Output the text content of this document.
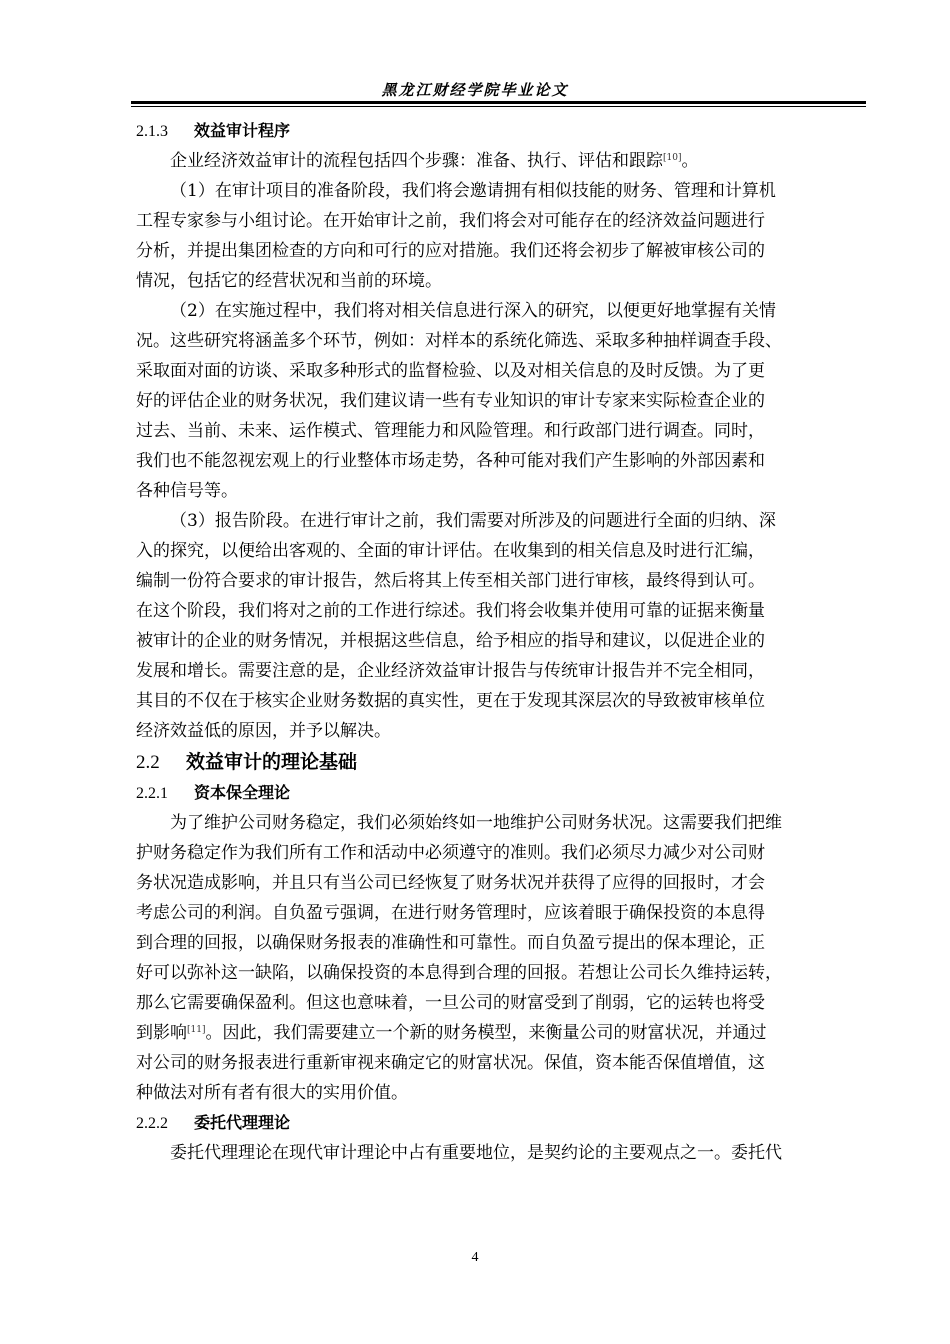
黑龙江财经学院毕业论文
2.1.3 效益审计程序
企业经济效益审计的流程包括四个步骤：准备、执行、评估和跟踪[10]。
（1）在审计项目的准备阶段，我们将会邀请拥有相似技能的财务、管理和计算机
工程专家参与小组讨论。在开始审计之前，我们将会对可能存在的经济效益问题进行
分析，并提出集团检查的方向和可行的应对措施。我们还将会初步了解被审核公司的
情况，包括它的经营状况和当前的环境。
（2）在实施过程中，我们将对相关信息进行深入的研究，以便更好地掌握有关情
况。这些研究将涵盖多个环节，例如：对样本的系统化筛选、采取多种抽样调查手段、
采取面对面的访谈、采取多种形式的监督检验、以及对相关信息的及时反馈。为了更
好的评估企业的财务状况，我们建议请一些有专业知识的审计专家来实际检查企业的
过去、当前、未来、运作模式、管理能力和风险管理。和行政部门进行调查。同时，
我们也不能忽视宏观上的行业整体市场走势，各种可能对我们产生影响的外部因素和
各种信号等。
（3）报告阶段。在进行审计之前，我们需要对所涉及的问题进行全面的归纳、深
入的探究，以便给出客观的、全面的审计评估。在收集到的相关信息及时进行汇编，
编制一份符合要求的审计报告，然后将其上传至相关部门进行审核，最终得到认可。
在这个阶段，我们将对之前的工作进行综述。我们将会收集并使用可靠的证据来衡量
被审计的企业的财务情况，并根据这些信息，给予相应的指导和建议，以促进企业的
发展和增长。需要注意的是，企业经济效益审计报告与传统审计报告并不完全相同，
其目的不仅在于核实企业财务数据的真实性，更在于发现其深层次的导致被审核单位
经济效益低的原因，并予以解决。
2.2 效益审计的理论基础
2.2.1 资本保全理论
为了维护公司财务稳定，我们必须始终如一地维护公司财务状况。这需要我们把维
护财务稳定作为我们所有工作和活动中必须遵守的准则。我们必须尽力减少对公司财
务状况造成影响，并且只有当公司已经恢复了财务状况并获得了应得的回报时，才会
考虑公司的利润。自负盈亏强调，在进行财务管理时，应该着眼于确保投资的本息得
到合理的回报，以确保财务报表的准确性和可靠性。而自负盈亏提出的保本理论，正
好可以弥补这一缺陷，以确保投资的本息得到合理的回报。若想让公司长久维持运转，
那么它需要确保盈利。但这也意味着，一旦公司的财富受到了削弱，它的运转也将受
到影响[11]。因此，我们需要建立一个新的财务模型，来衡量公司的财富状况，并通过
对公司的财务报表进行重新审视来确定它的财富状况。保值，资本能否保值增值，这
种做法对所有者有很大的实用价值。
2.2.2 委托代理理论
委托代理理论在现代审计理论中占有重要地位，是契约论的主要观点之一。委托代
4
